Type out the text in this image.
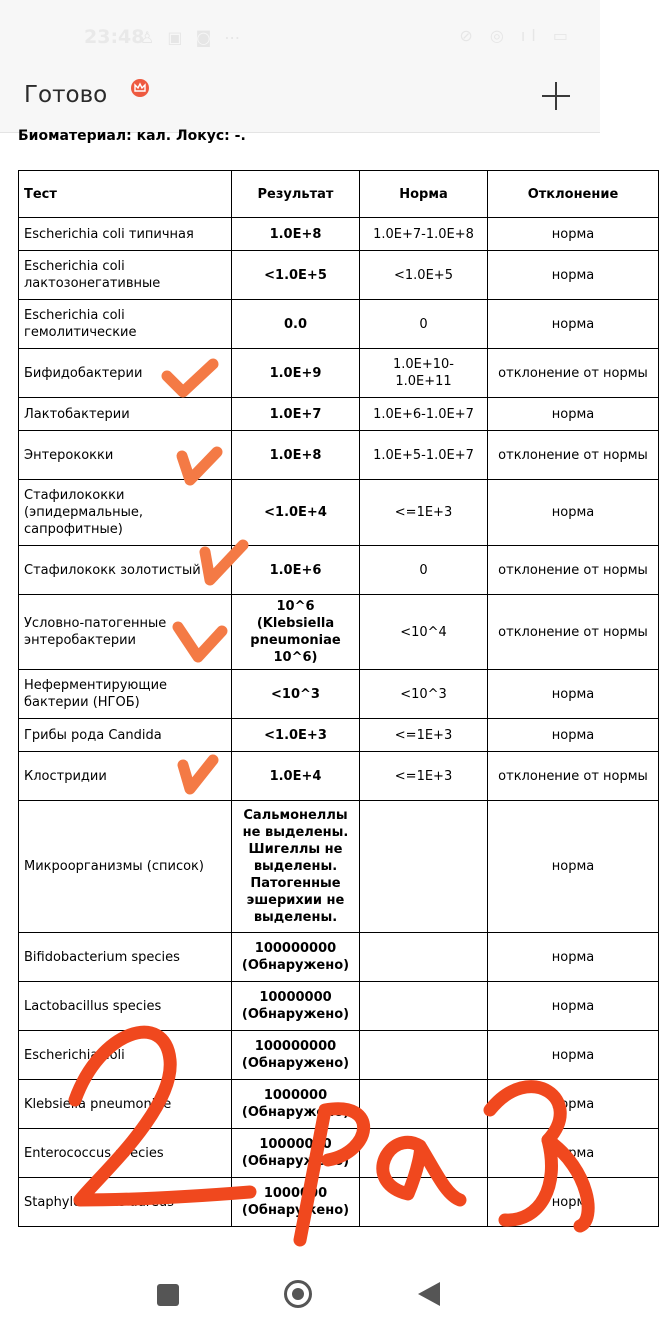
23:48
♙ ▣ ◙ ⋯	⊘ ◎ ıl ▭
Готово
Биоматериал: кал. Локус: -.
Тест	Результат	Норма	Отклонение
Escherichia coli типичная	1.0E+8	1.0E+7-1.0E+8	норма
Escherichia coli лактозонегативные	<1.0E+5	<1.0E+5	норма
Escherichia coli гемолитические	0.0	0	норма
Бифидобактерии	1.0E+9	1.0E+10-1.0E+11	отклонение от нормы
Лактобактерии	1.0E+7	1.0E+6-1.0E+7	норма
Энтерококки	1.0E+8	1.0E+5-1.0E+7	отклонение от нормы
Стафилококки (эпидермальные, сапрофитные)	<1.0E+4	<=1E+3	норма
Стафилококк золотистый	1.0E+6	0	отклонение от нормы
Условно-патогенные энтеробактерии	10^6 (Klebsiella pneumoniae 10^6)	<10^4	отклонение от нормы
Неферментирующие бактерии (НГОБ)	<10^3	<10^3	норма
Грибы рода Candida	<1.0E+3	<=1E+3	норма
Клостридии	1.0E+4	<=1E+3	отклонение от нормы
Микроорганизмы (список)	Сальмонеллы не выделены. Шигеллы не выделены. Патогенные эшерихии не выделены.		норма
Bifidobacterium species	100000000 (Обнаружено)		норма
Lactobacillus species	10000000 (Обнаружено)		норма
Escherichia coli	100000000 (Обнаружено)		норма
Klebsiella pneumoniae	1000000 (Обнаружено)		норма
Enterococcus species	10000000 (Обнаружено)		норма
Staphylococcus aureus	1000000 (Обнаружено)		норма
